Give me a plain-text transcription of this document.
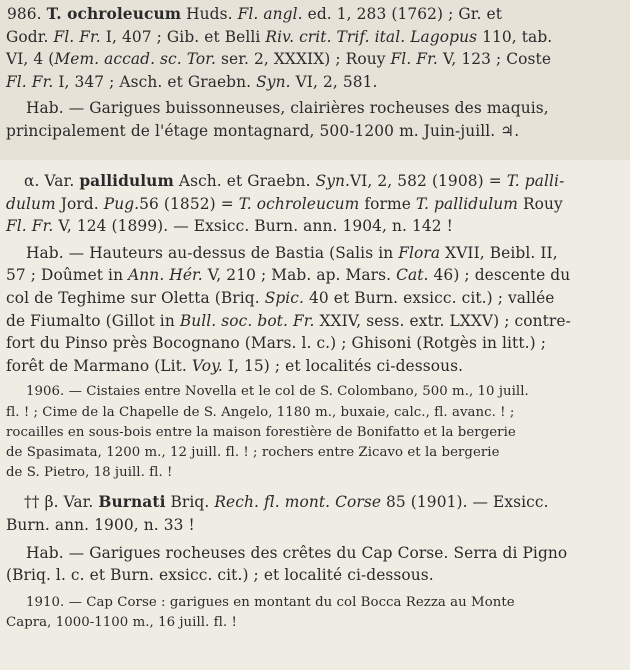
986. T. ochroleucum Huds. Fl. angl. ed. 1, 283 (1762) ; Gr. et

Godr. Fl. Fr. I, 407 ; Gib. et Belli Riv. crit. Trif. ital. Lagopus 110, tab.

VI, 4 (Mem. accad. sc. Tor. ser. 2, XXXIX) ; Rouy Fl. Fr. V, 123 ; Coste

Fl. Fr. I, 347 ; Asch. et Graebn. Syn. VI, 2, 581.

Hab. — Garigues buissonneuses, clairières rocheuses des maquis,

principalement de l'étage montagnard, 500-1200 m. Juin-juill. ♃.

α. Var. pallidulum Asch. et Graebn. Syn.VI, 2, 582 (1908) = T. palli-

dulum Jord. Pug.56 (1852) = T. ochroleucum forme T. pallidulum Rouy

Fl. Fr. V, 124 (1899). — Exsicc. Burn. ann. 1904, n. 142 !

Hab. — Hauteurs au-dessus de Bastia (Salis in Flora XVII, Beibl. II,

57 ; Doûmet in Ann. Hér. V, 210 ; Mab. ap. Mars. Cat. 46) ; descente du

col de Teghime sur Oletta (Briq. Spic. 40 et Burn. exsicc. cit.) ; vallée

de Fiumalto (Gillot in Bull. soc. bot. Fr. XXIV, sess. extr. LXXV) ; contre-

fort du Pinso près Bocognano (Mars. l. c.) ; Ghisoni (Rotgès in litt.) ;

forêt de Marmano (Lit. Voy. I, 15) ; et localités ci-dessous.

1906. — Cistaies entre Novella et le col de S. Colombano, 500 m., 10 juill.

fl. ! ; Cime de la Chapelle de S. Angelo, 1180 m., buxaie, calc., fl. avanc. ! ;

rocailles en sous-bois entre la maison forestière de Bonifatto et la bergerie

de Spasimata, 1200 m., 12 juill. fl. ! ; rochers entre Zicavo et la bergerie

de S. Pietro, 18 juill. fl. !

†† β. Var. Burnati Briq. Rech. fl. mont. Corse 85 (1901). — Exsicc.

Burn. ann. 1900, n. 33 !

Hab. — Garigues rocheuses des crêtes du Cap Corse. Serra di Pigno

(Briq. l. c. et Burn. exsicc. cit.) ; et localité ci-dessous.

1910. — Cap Corse : garigues en montant du col Bocca Rezza au Monte

Capra, 1000-1100 m., 16 juill. fl. !
